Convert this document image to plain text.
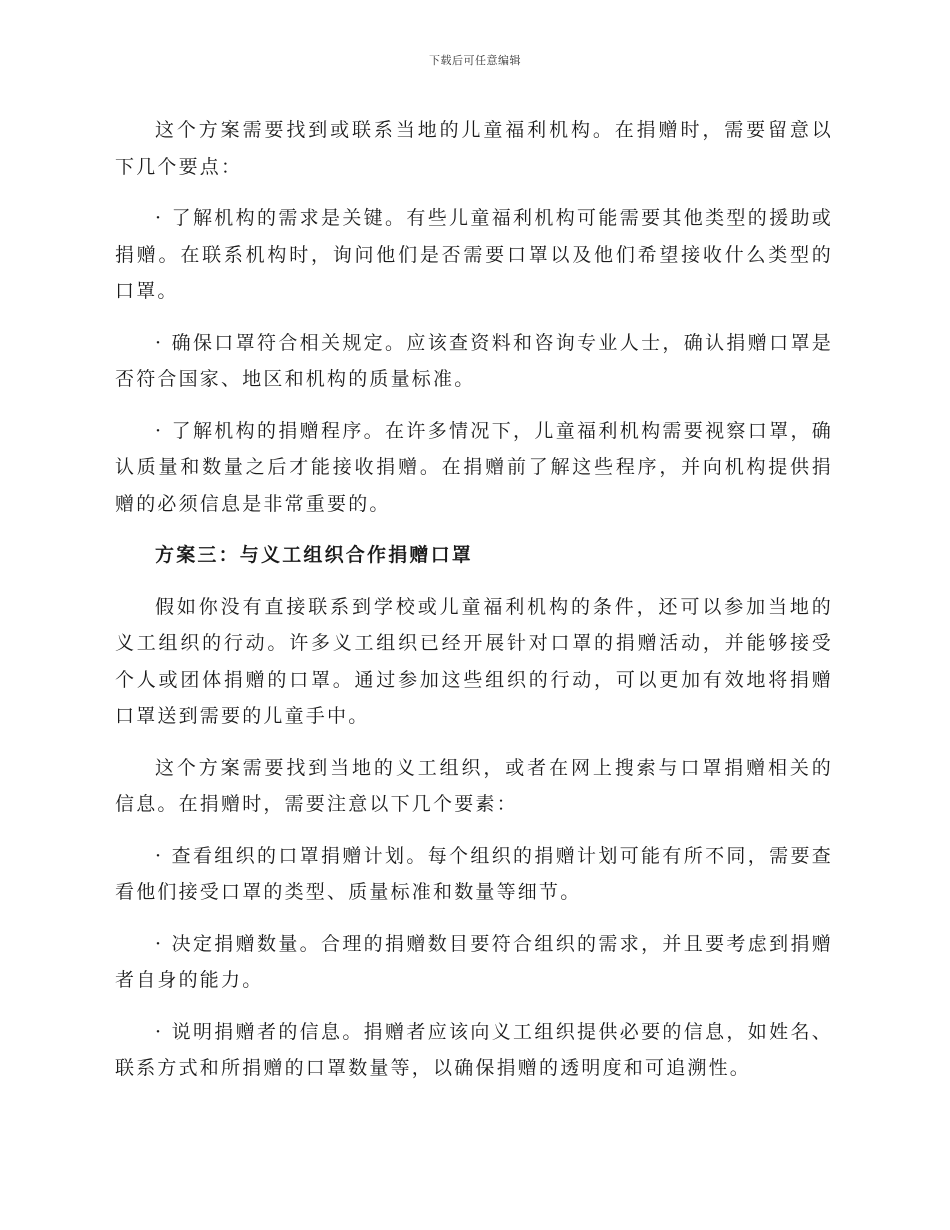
下载后可任意编辑

这个方案需要找到或联系当地的儿童福利机构。在捐赠时，需要留意以下几个要点：

· 了解机构的需求是关键。有些儿童福利机构可能需要其他类型的援助或捐赠。在联系机构时，询问他们是否需要口罩以及他们希望接收什么类型的口罩。

· 确保口罩符合相关规定。应该查资料和咨询专业人士，确认捐赠口罩是否符合国家、地区和机构的质量标准。

· 了解机构的捐赠程序。在许多情况下，儿童福利机构需要视察口罩，确认质量和数量之后才能接收捐赠。在捐赠前了解这些程序，并向机构提供捐赠的必须信息是非常重要的。

方案三：与义工组织合作捐赠口罩

假如你没有直接联系到学校或儿童福利机构的条件，还可以参加当地的义工组织的行动。许多义工组织已经开展针对口罩的捐赠活动，并能够接受个人或团体捐赠的口罩。通过参加这些组织的行动，可以更加有效地将捐赠口罩送到需要的儿童手中。

这个方案需要找到当地的义工组织，或者在网上搜索与口罩捐赠相关的信息。在捐赠时，需要注意以下几个要素：

· 查看组织的口罩捐赠计划。每个组织的捐赠计划可能有所不同，需要查看他们接受口罩的类型、质量标准和数量等细节。

· 决定捐赠数量。合理的捐赠数目要符合组织的需求，并且要考虑到捐赠者自身的能力。

· 说明捐赠者的信息。捐赠者应该向义工组织提供必要的信息，如姓名、联系方式和所捐赠的口罩数量等，以确保捐赠的透明度和可追溯性。
